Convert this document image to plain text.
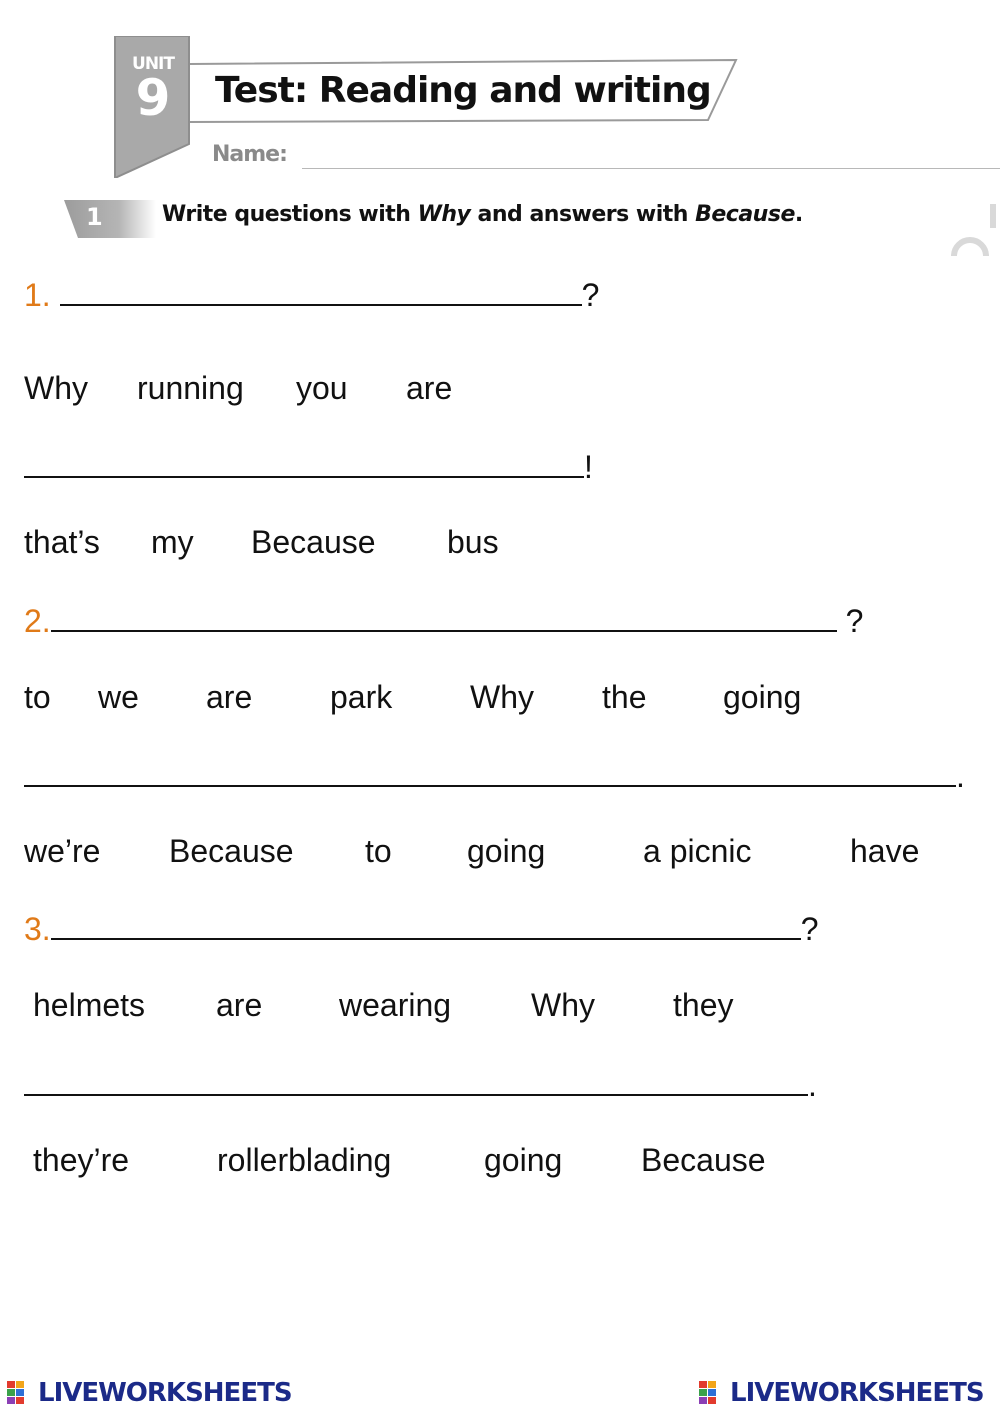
UNIT
9 Test: Reading and writing
Name:
1	Write questions with Why and answers with Because.
1.	?
Why running you are
!
that’s my Because bus
2.	?
to we are park Why the going
.
we’re Because to going	a picnic	have
3.	?
helmets are wearing Why they
.
they’re	rollerblading	going Because
LIVEWORKSHEETS	LIVEWORKSHEETS
